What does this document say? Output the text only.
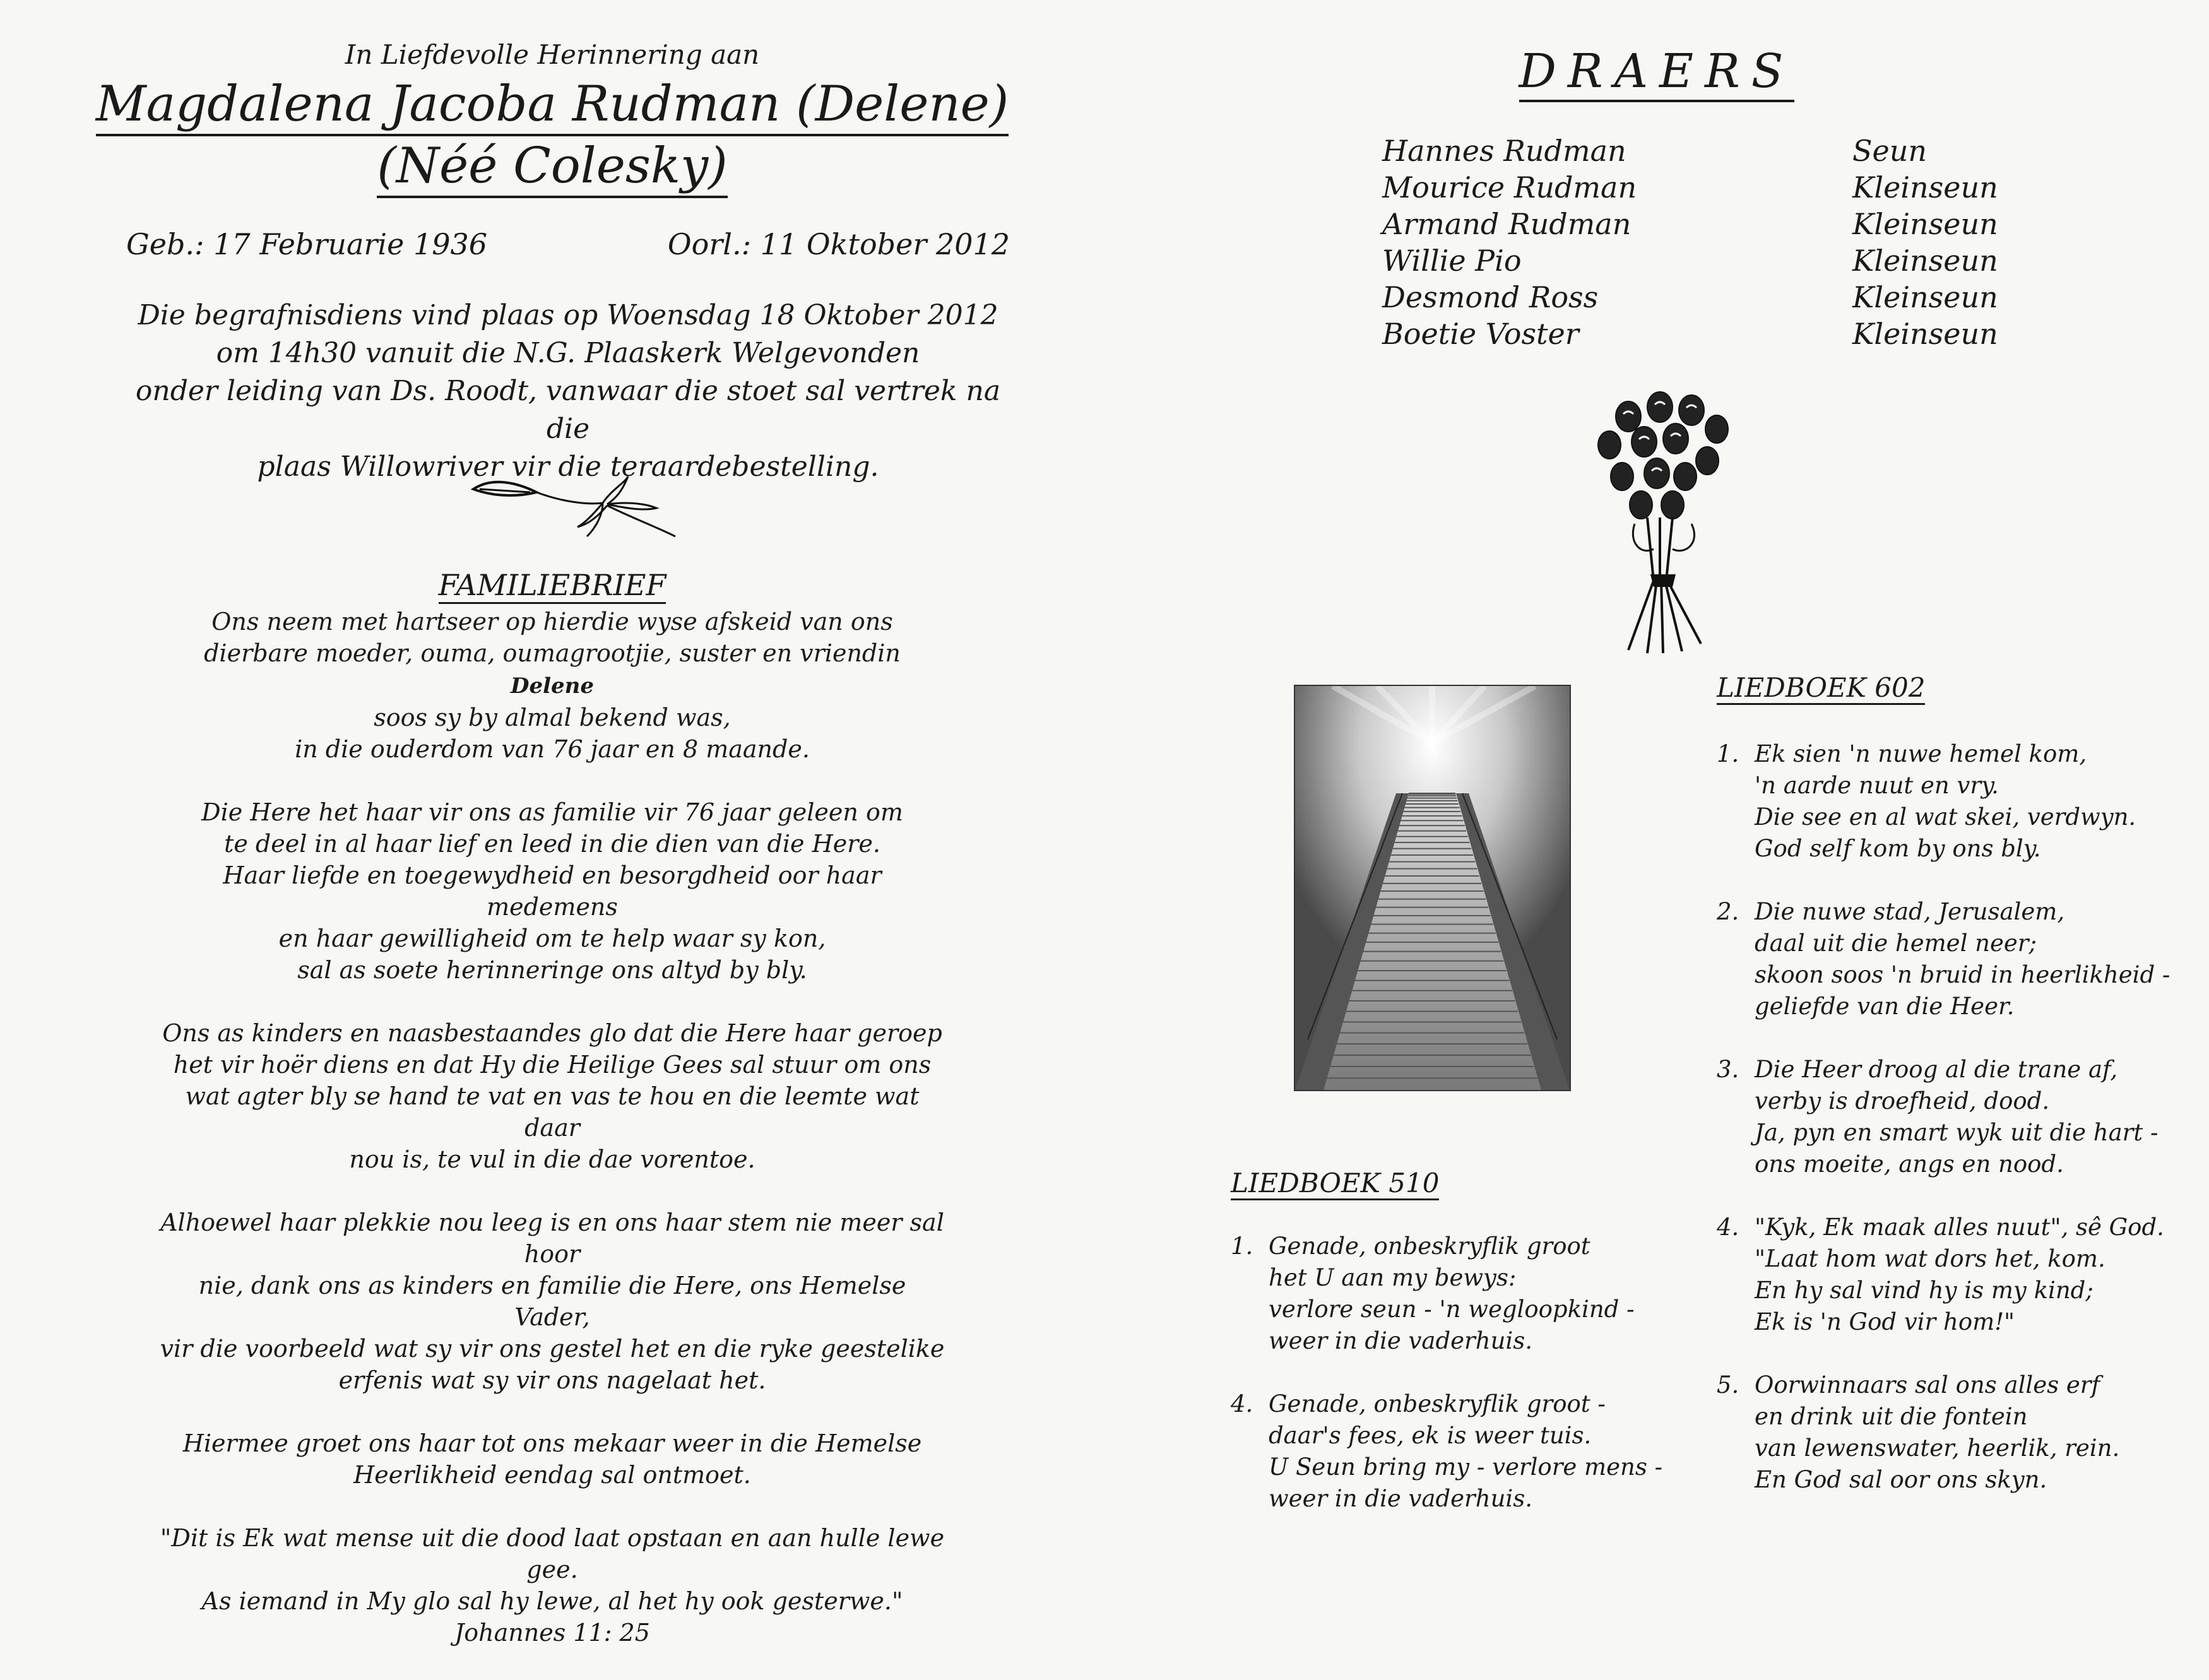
In Liefdevolle Herinnering aan
Magdalena Jacoba Rudman (Delene)
(Néé Colesky)
Geb.: 17 Februarie 1936	Oorl.: 11 Oktober 2012
Die begrafnisdiens vind plaas op Woensdag 18 Oktober 2012
om 14h30 vanuit die N.G. Plaaskerk Welgevonden
onder leiding van Ds. Roodt, vanwaar die stoet sal vertrek na die
plaas Willowriver vir die teraardebestelling.
FAMILIEBRIEF

Ons neem met hartseer op hierdie wyse afskeid van ons
dierbare moeder, ouma, oumagrootjie, suster en vriendin
Delene
soos sy by almal bekend was,
in die ouderdom van 76 jaar en 8 maande.

Die Here het haar vir ons as familie vir 76 jaar geleen om
te deel in al haar lief en leed in die dien van die Here.
Haar liefde en toegewydheid en besorgdheid oor haar medemens
en haar gewilligheid om te help waar sy kon,
sal as soete herinneringe ons altyd by bly.

Ons as kinders en naasbestaandes glo dat die Here haar geroep
het vir hoër diens en dat Hy die Heilige Gees sal stuur om ons
wat agter bly se hand te vat en vas te hou en die leemte wat daar
nou is, te vul in die dae vorentoe.

Alhoewel haar plekkie nou leeg is en ons haar stem nie meer sal hoor
nie, dank ons as kinders en familie die Here, ons Hemelse Vader,
vir die voorbeeld wat sy vir ons gestel het en die ryke geestelike
erfenis wat sy vir ons nagelaat het.

Hiermee groet ons haar tot ons mekaar weer in die Hemelse
Heerlikheid eendag sal ontmoet.

"Dit is Ek wat mense uit die dood laat opstaan en aan hulle lewe gee.
As iemand in My glo sal hy lewe, al het hy ook gesterwe."
Johannes 11: 25

DRAERS
Hannes Rudman	Seun
Mourice Rudman	Kleinseun
Armand Rudman	Kleinseun
Willie Pio	Kleinseun
Desmond Ross	Kleinseun
Boetie Voster	Kleinseun
LIEDBOEK 602
1. Ek sien 'n nuwe hemel kom,
'n aarde nuut en vry.
Die see en al wat skei, verdwyn.
God self kom by ons bly.
2. Die nuwe stad, Jerusalem,
daal uit die hemel neer;
skoon soos 'n bruid in heerlikheid -
geliefde van die Heer.
3. Die Heer droog al die trane af,
verby is droefheid, dood.
Ja, pyn en smart wyk uit die hart -
ons moeite, angs en nood.
4. "Kyk, Ek maak alles nuut", sê God.
"Laat hom wat dors het, kom.
En hy sal vind hy is my kind;
Ek is 'n God vir hom!"
5. Oorwinnaars sal ons alles erf
en drink uit die fontein
van lewenswater, heerlik, rein.
En God sal oor ons skyn.
LIEDBOEK 510
1. Genade, onbeskryflik groot
het U aan my bewys:
verlore seun - 'n wegloopkind -
weer in die vaderhuis.
4. Genade, onbeskryflik groot -
daar's fees, ek is weer tuis.
U Seun bring my - verlore mens -
weer in die vaderhuis.
